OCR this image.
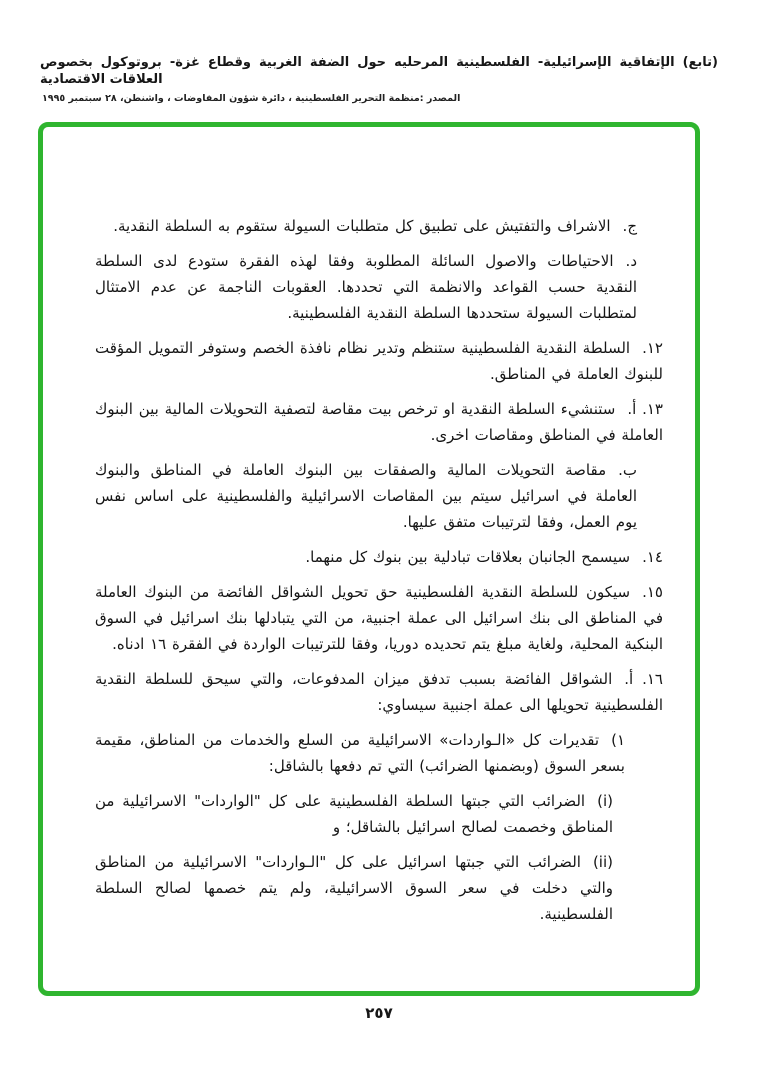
(تابع) الإتفاقية الإسرائيلية- الفلسطينية المرحليه حول الضفة الغربية وقطاع غزة- بروتوكول بخصوص العلاقات الاقتصادية
المصدر :منظمة التحرير الفلسطينية ، دائرة شؤون المفاوضات ، واشنطن، ٢٨ سبتمبر ١٩٩٥
ج.الاشراف والتفتيش على تطبيق كل متطلبات السيولة ستقوم به السلطة النقدية.
د.الاحتياطات والاصول السائلة المطلوبة وفقا لهذه الفقرة ستودع لدى السلطة النقدية حسب القواعد والانظمة التي تحددها. العقوبات الناجمة عن عدم الامتثال لمتطلبات السيولة ستحددها السلطة النقدية الفلسطينية.
١٢.السلطة النقدية الفلسطينية ستنظم وتدير نظام نافذة الخصم وستوفر التمويل المؤقت للبنوك العاملة في المناطق.
١٣. أ.ستنشيء السلطة النقدية او ترخص بيت مقاصة لتصفية التحويلات المالية بين البنوك العاملة في المناطق ومقاصات اخرى.
ب.مقاصة التحويلات المالية والصفقات بين البنوك العاملة في المناطق والبنوك العاملة في اسرائيل سيتم بين المقاصات الاسرائيلية والفلسطينية على اساس نفس يوم العمل، وفقا لترتيبات متفق عليها.
١٤.سيسمح الجانبان بعلاقات تبادلية بين بنوك كل منهما.
١٥.سيكون للسلطة النقدية الفلسطينية حق تحويل الشواقل الفائضة من البنوك العاملة في المناطق الى بنك اسرائيل الى عملة اجنبية، من التي يتبادلها بنك اسرائيل في السوق البنكية المحلية، ولغاية مبلغ يتم تحديده دوريا، وفقا للترتيبات الواردة في الفقرة ١٦ ادناه.
١٦. أ.الشواقل الفائضة بسبب تدفق ميزان المدفوعات، والتي سيحق للسلطة النقدية الفلسطينية تحويلها الى عملة اجنبية سيساوي:
١)تقديرات كل «الـواردات» الاسرائيلية من السلع والخدمات من المناطق، مقيمة بسعر السوق (وبضمنها الضرائب) التي تم دفعها بالشاقل:
(i)الضرائب التي جبتها السلطة الفلسطينية على كل "الواردات" الاسرائيلية من المناطق وخصمت لصالح اسرائيل بالشاقل؛ و
(ii)الضرائب التي جبتها اسرائيل على كل "الـواردات" الاسرائيلية من المناطق والتي دخلت في سعر السوق الاسرائيلية، ولم يتم خصمها لصالح السلطة الفلسطينية.
٢٥٧
